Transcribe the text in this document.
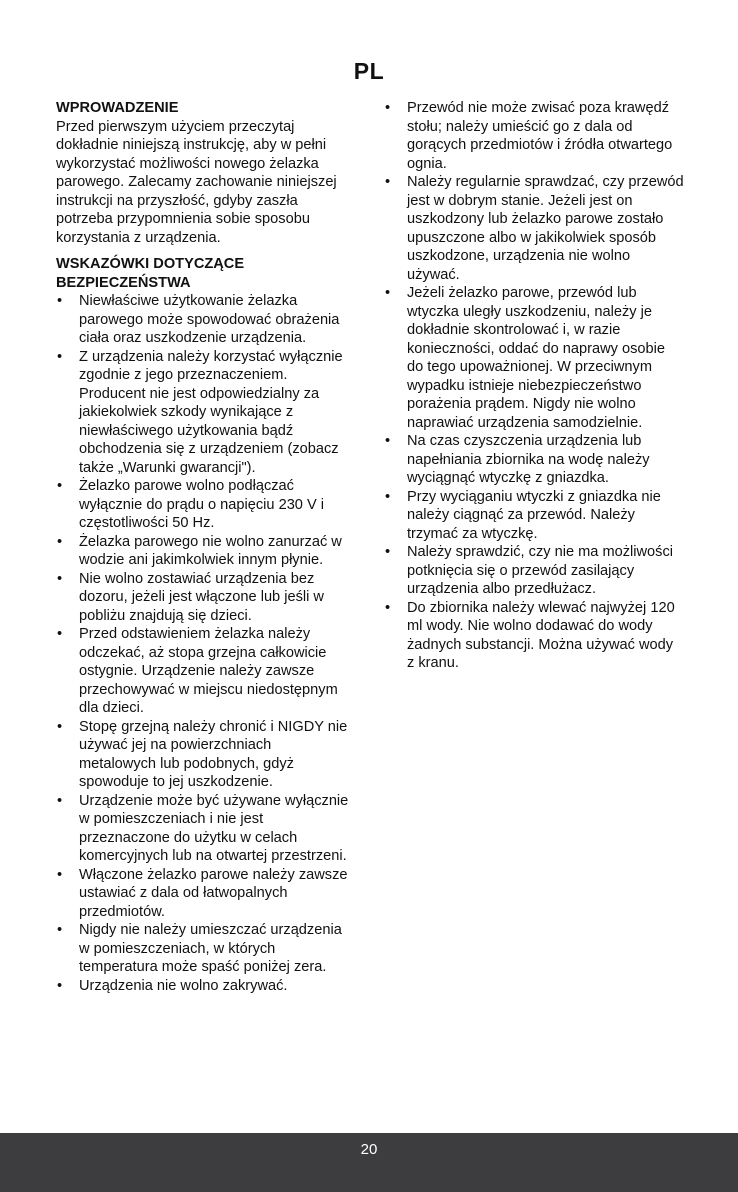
PL
WPROWADZENIE

Przed pierwszym użyciem przeczytaj dokładnie niniejszą instrukcję, aby w pełni wykorzystać możliwości nowego żelazka parowego. Zalecamy zachowanie niniejszej instrukcji na przyszłość, gdyby zaszła potrzeba przypomnienia sobie sposobu korzystania z urządzenia.

WSKAZÓWKI DOTYCZĄCE BEZPIECZEŃSTWA
• Niewłaściwe użytkowanie żelazka parowego może spowodować obrażenia ciała oraz uszkodzenie urządzenia.
• Z urządzenia należy korzystać wyłącznie zgodnie z jego przeznaczeniem. Producent nie jest odpowiedzialny za jakiekolwiek szkody wynikające z niewłaściwego użytkowania bądź obchodzenia się z urządzeniem (zobacz także „Warunki gwarancji").
• Żelazko parowe wolno podłączać wyłącznie do prądu o napięciu 230 V i częstotliwości 50 Hz.
• Żelazka parowego nie wolno zanurzać w wodzie ani jakimkolwiek innym płynie.
• Nie wolno zostawiać urządzenia bez dozoru, jeżeli jest włączone lub jeśli w pobliżu znajdują się dzieci.
• Przed odstawieniem żelazka należy odczekać, aż stopa grzejna całkowicie ostygnie. Urządzenie należy zawsze przechowywać w miejscu niedostępnym dla dzieci.
• Stopę grzejną należy chronić i NIGDY nie używać jej na powierzchniach metalowych lub podobnych, gdyż spowoduje to jej uszkodzenie.
• Urządzenie może być używane wyłącznie w pomieszczeniach i nie jest przeznaczone do użytku w celach komercyjnych lub na otwartej przestrzeni.
• Włączone żelazko parowe należy zawsze ustawiać z dala od łatwopalnych przedmiotów.
• Nigdy nie należy umieszczać urządzenia w pomieszczeniach, w których temperatura może spaść poniżej zera.
• Urządzenia nie wolno zakrywać.
• Przewód nie może zwisać poza krawędź stołu; należy umieścić go z dala od gorących przedmiotów i źródła otwartego ognia.
• Należy regularnie sprawdzać, czy przewód jest w dobrym stanie. Jeżeli jest on uszkodzony lub żelazko parowe zostało upuszczone albo w jakikolwiek sposób uszkodzone, urządzenia nie wolno używać.
• Jeżeli żelazko parowe, przewód lub wtyczka uległy uszkodzeniu, należy je dokładnie skontrolować i, w razie konieczności, oddać do naprawy osobie do tego upoważnionej. W przeciwnym wypadku istnieje niebezpieczeństwo porażenia prądem. Nigdy nie wolno naprawiać urządzenia samodzielnie.
• Na czas czyszczenia urządzenia lub napełniania zbiornika na wodę należy wyciągnąć wtyczkę z gniazdka.
• Przy wyciąganiu wtyczki z gniazdka nie należy ciągnąć za przewód. Należy trzymać za wtyczkę.
• Należy sprawdzić, czy nie ma możliwości potknięcia się o przewód zasilający urządzenia albo przedłużacz.
• Do zbiornika należy wlewać najwyżej 120 ml wody. Nie wolno dodawać do wody żadnych substancji. Można używać wody z kranu.
20
